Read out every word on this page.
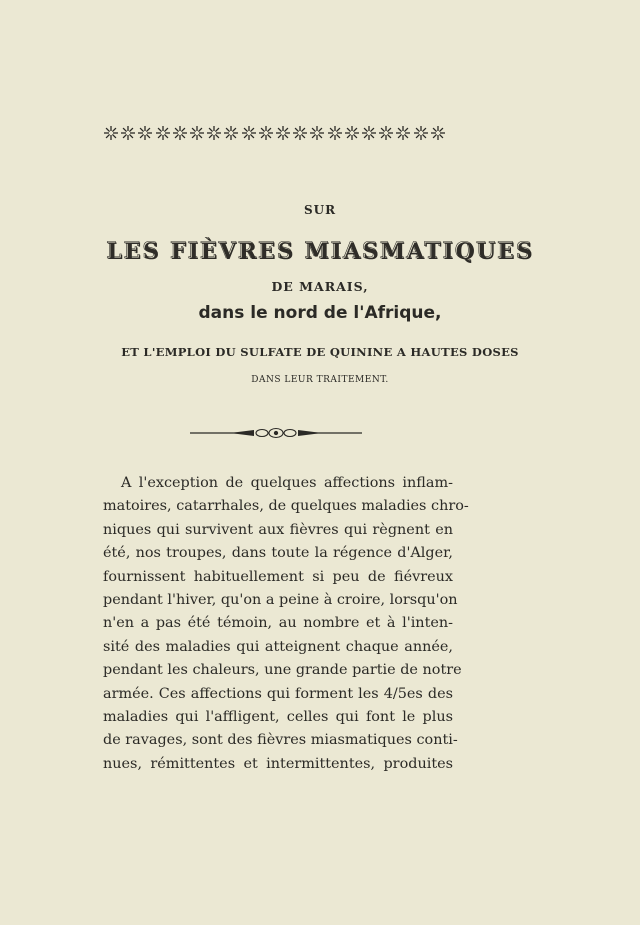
SUR
LES FIÈVRES MIASMATIQUES
DE MARAIS,
dans le nord de l'Afrique,
ET L'EMPLOI DU SULFATE DE QUININE A HAUTES DOSES
DANS LEUR TRAITEMENT.
A l'exception de quelques affections inflam-
matoires, catarrhales, de quelques maladies chro-
niques qui survivent aux fièvres qui règnent en
été, nos troupes, dans toute la régence d'Alger,
fournissent habituellement si peu de fiévreux
pendant l'hiver, qu'on a peine à croire, lorsqu'on
n'en a pas été témoin, au nombre et à l'inten-
sité des maladies qui atteignent chaque année,
pendant les chaleurs, une grande partie de notre
armée. Ces affections qui forment les 4/5es des
maladies qui l'affligent, celles qui font le plus
de ravages, sont des fièvres miasmatiques conti-
nues, rémittentes et intermittentes, produites
